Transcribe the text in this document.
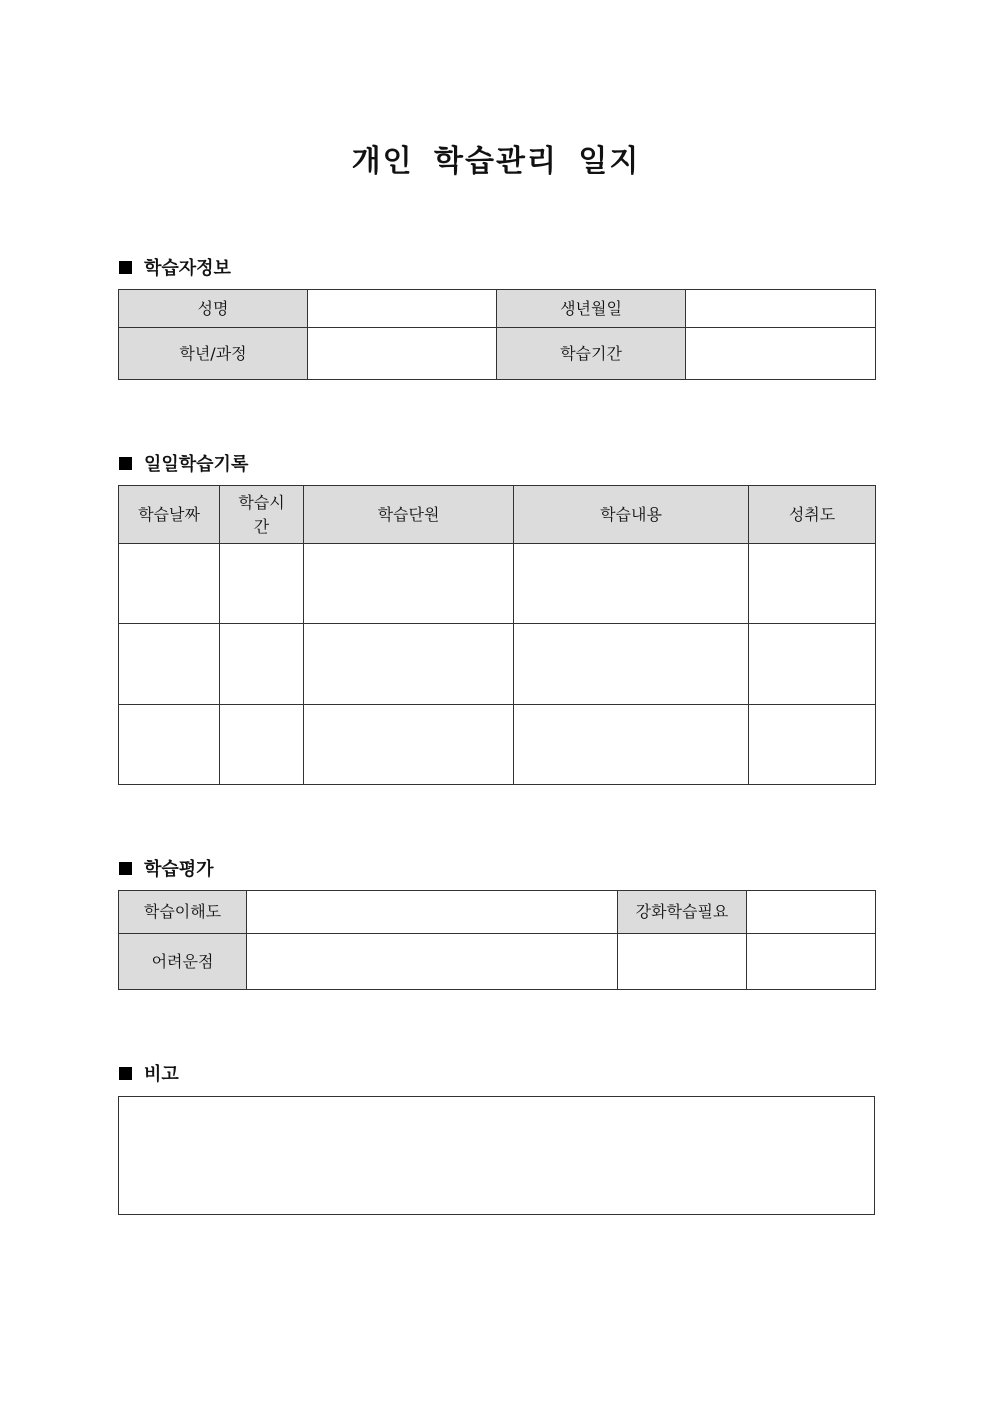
개인 학습관리 일지
학습자정보
성명		생년월일	
학년/과정		학습기간	
일일학습기록
학습날짜	학습시간	학습단원	학습내용	성취도

학습평가
학습이해도		강화학습필요	
어려운점			
비고
